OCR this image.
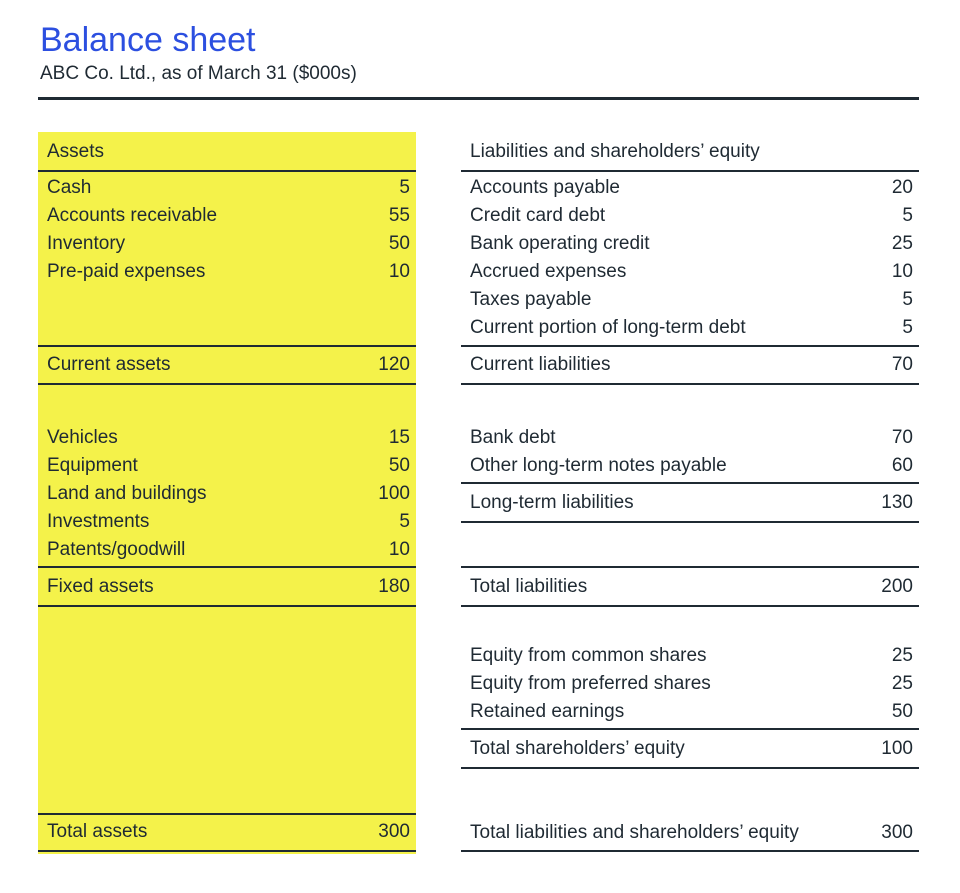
Balance sheet

ABC Co. Ltd., as of March 31 ($000s)

Assets
Cash	5
Accounts receivable	55
Inventory	50
Pre-paid expenses	10
Current assets	120
Vehicles	15
Equipment	50
Land and buildings	100
Investments	5
Patents/goodwill	10
Fixed assets	180
Total assets	300
Liabilities and shareholders’ equity
Accounts payable	20
Credit card debt	5
Bank operating credit	25
Accrued expenses	10
Taxes payable	5
Current portion of long-term debt	5
Current liabilities	70
Bank debt	70
Other long-term notes payable	60
Long-term liabilities	130
Total liabilities	200
Equity from common shares	25
Equity from preferred shares	25
Retained earnings	50
Total shareholders’ equity	100
Total liabilities and shareholders’ equity	300
